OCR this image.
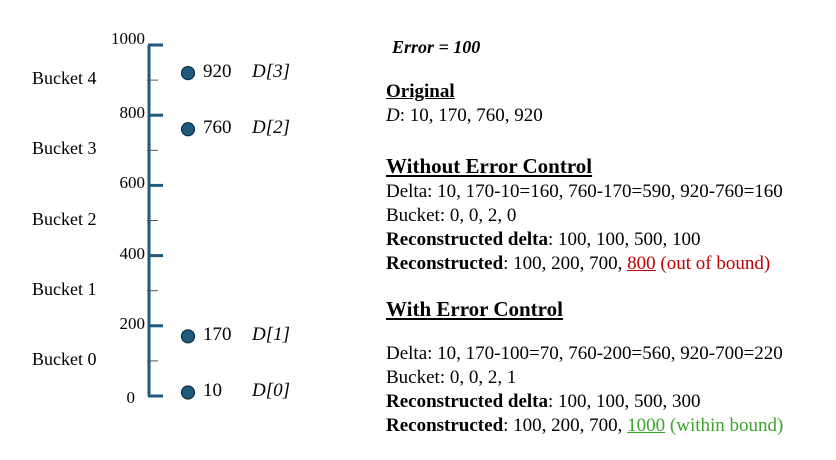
0
200
400
600
800
1000
Bucket 0
Bucket 1
Bucket 2
Bucket 3
Bucket 4
10 D[0]
170 D[1]
760 D[2]
920 D[3]
Error = 100
Original
D: 10, 170, 760, 920
Without Error Control
Delta: 10, 170-10=160, 760-170=590, 920-760=160
Bucket: 0, 0, 2, 0
Reconstructed delta: 100, 100, 500, 100
Reconstructed: 100, 200, 700, 800 (out of bound)
With Error Control
Delta: 10, 170-100=70, 760-200=560, 920-700=220
Bucket: 0, 0, 2, 1
Reconstructed delta: 100, 100, 500, 300
Reconstructed: 100, 200, 700, 1000 (within bound)
